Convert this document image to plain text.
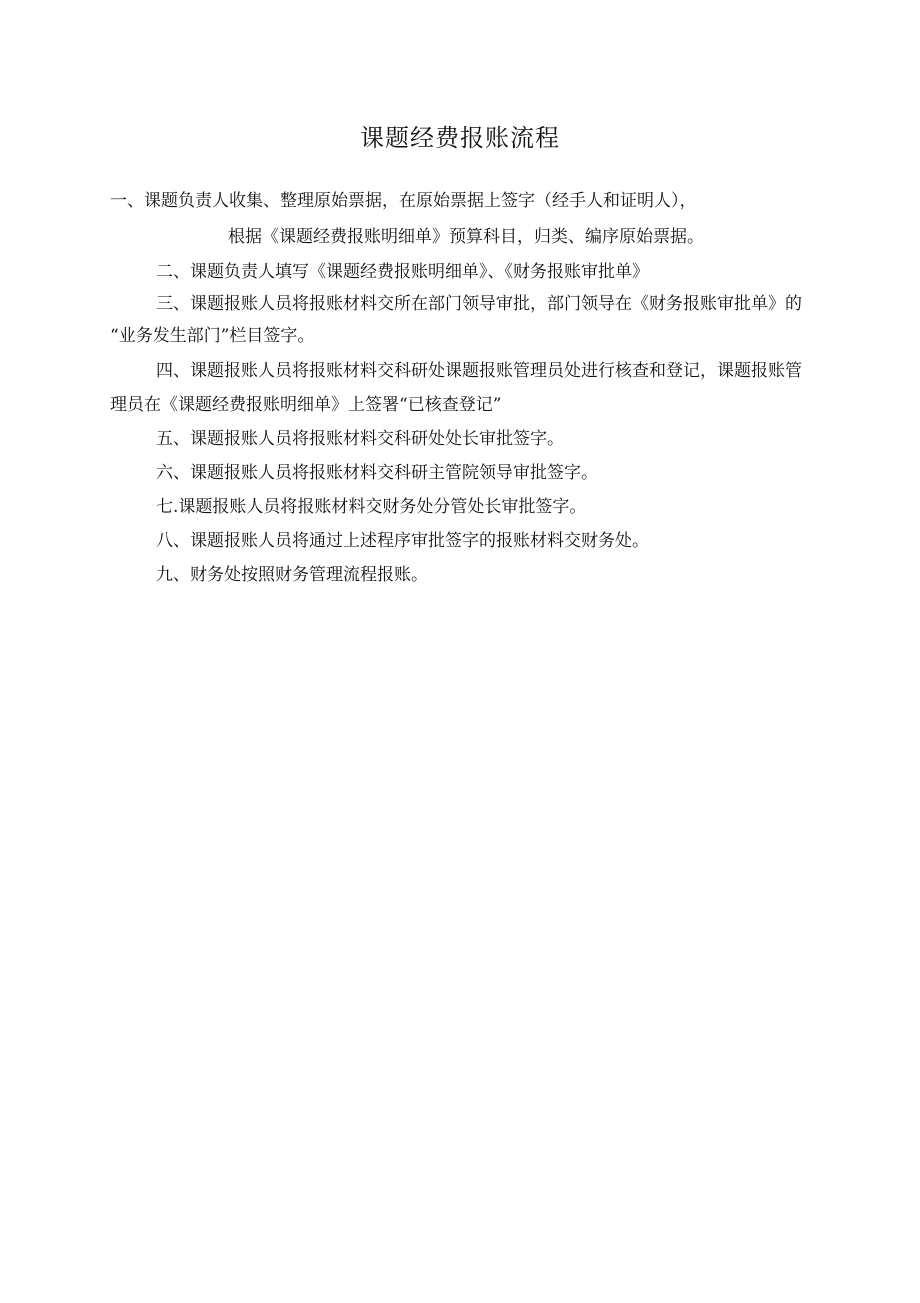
课题经费报账流程
一、课题负责人收集、整理原始票据，在原始票据上签字（经手人和证明人），
根据《课题经费报账明细单》预算科目，归类、编序原始票据。
二、课题负责人填写《课题经费报账明细单》、《财务报账审批单》
三、课题报账人员将报账材料交所在部门领导审批，部门领导在《财务报账审批单》的
“业务发生部门”栏目签字。
四、课题报账人员将报账材料交科研处课题报账管理员处进行核查和登记，课题报账管
理员在《课题经费报账明细单》上签署“已核查登记”
五、课题报账人员将报账材料交科研处处长审批签字。
六、课题报账人员将报账材料交科研主管院领导审批签字。
七.课题报账人员将报账材料交财务处分管处长审批签字。
八、课题报账人员将通过上述程序审批签字的报账材料交财务处。
九、财务处按照财务管理流程报账。
